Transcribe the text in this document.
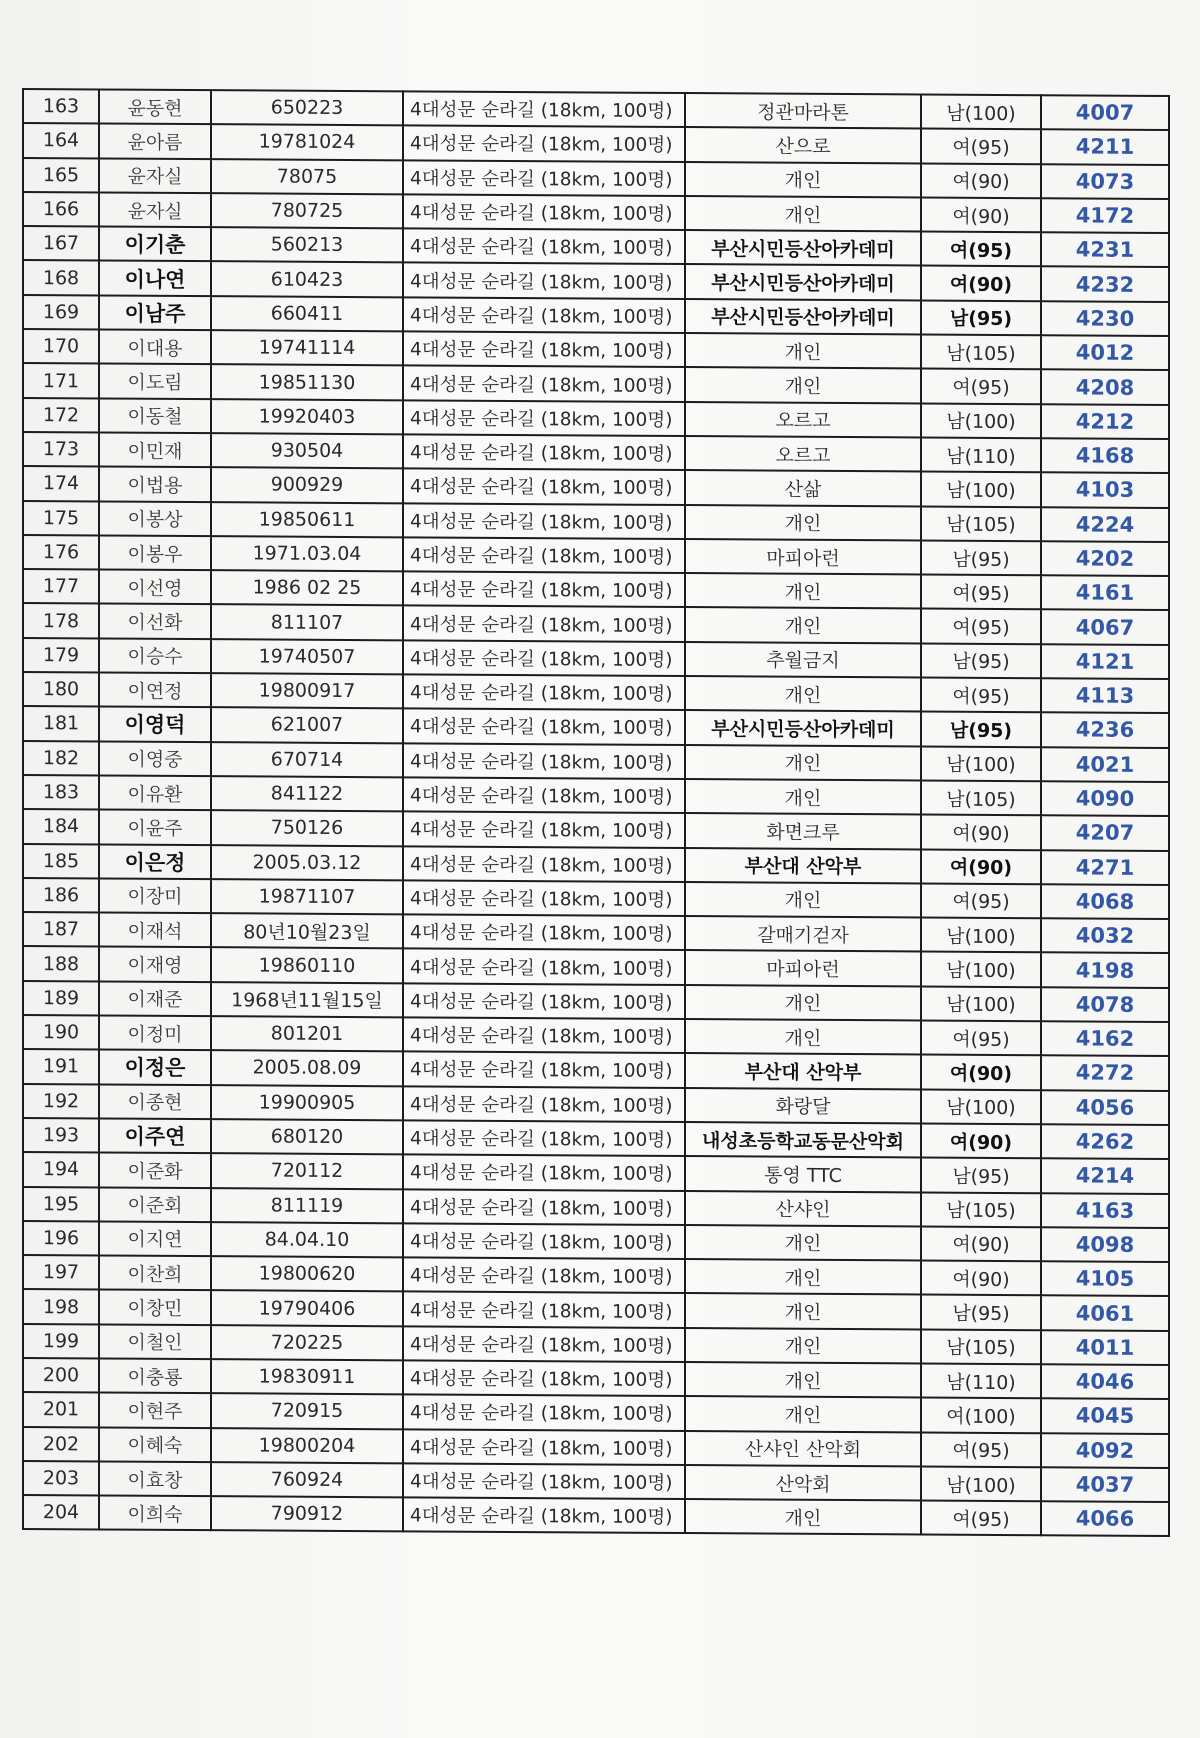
163	윤동현	650223	4대성문 순라길 (18km, 100명)	정관마라톤	남(100)	4007
164	윤아름	19781024	4대성문 순라길 (18km, 100명)	산으로	여(95)	4211
165	윤자실	78075	4대성문 순라길 (18km, 100명)	개인	여(90)	4073
166	윤자실	780725	4대성문 순라길 (18km, 100명)	개인	여(90)	4172
167	이기춘	560213	4대성문 순라길 (18km, 100명)	부산시민등산아카데미	여(95)	4231
168	이나연	610423	4대성문 순라길 (18km, 100명)	부산시민등산아카데미	여(90)	4232
169	이남주	660411	4대성문 순라길 (18km, 100명)	부산시민등산아카데미	남(95)	4230
170	이대용	19741114	4대성문 순라길 (18km, 100명)	개인	남(105)	4012
171	이도림	19851130	4대성문 순라길 (18km, 100명)	개인	여(95)	4208
172	이동철	19920403	4대성문 순라길 (18km, 100명)	오르고	남(100)	4212
173	이민재	930504	4대성문 순라길 (18km, 100명)	오르고	남(110)	4168
174	이법용	900929	4대성문 순라길 (18km, 100명)	산삶	남(100)	4103
175	이봉상	19850611	4대성문 순라길 (18km, 100명)	개인	남(105)	4224
176	이봉우	1971.03.04	4대성문 순라길 (18km, 100명)	마피아런	남(95)	4202
177	이선영	1986 02 25	4대성문 순라길 (18km, 100명)	개인	여(95)	4161
178	이선화	811107	4대성문 순라길 (18km, 100명)	개인	여(95)	4067
179	이승수	19740507	4대성문 순라길 (18km, 100명)	추월금지	남(95)	4121
180	이연정	19800917	4대성문 순라길 (18km, 100명)	개인	여(95)	4113
181	이영덕	621007	4대성문 순라길 (18km, 100명)	부산시민등산아카데미	남(95)	4236
182	이영중	670714	4대성문 순라길 (18km, 100명)	개인	남(100)	4021
183	이유환	841122	4대성문 순라길 (18km, 100명)	개인	남(105)	4090
184	이윤주	750126	4대성문 순라길 (18km, 100명)	화면크루	여(90)	4207
185	이은정	2005.03.12	4대성문 순라길 (18km, 100명)	부산대 산악부	여(90)	4271
186	이장미	19871107	4대성문 순라길 (18km, 100명)	개인	여(95)	4068
187	이재석	80년10월23일	4대성문 순라길 (18km, 100명)	갈매기걷자	남(100)	4032
188	이재영	19860110	4대성문 순라길 (18km, 100명)	마피아런	남(100)	4198
189	이재준	1968년11월15일	4대성문 순라길 (18km, 100명)	개인	남(100)	4078
190	이정미	801201	4대성문 순라길 (18km, 100명)	개인	여(95)	4162
191	이정은	2005.08.09	4대성문 순라길 (18km, 100명)	부산대 산악부	여(90)	4272
192	이종현	19900905	4대성문 순라길 (18km, 100명)	화랑달	남(100)	4056
193	이주연	680120	4대성문 순라길 (18km, 100명)	내성초등학교동문산악회	여(90)	4262
194	이준화	720112	4대성문 순라길 (18km, 100명)	통영 TTC	남(95)	4214
195	이준회	811119	4대성문 순라길 (18km, 100명)	산샤인	남(105)	4163
196	이지연	84.04.10	4대성문 순라길 (18km, 100명)	개인	여(90)	4098
197	이찬희	19800620	4대성문 순라길 (18km, 100명)	개인	여(90)	4105
198	이창민	19790406	4대성문 순라길 (18km, 100명)	개인	남(95)	4061
199	이철인	720225	4대성문 순라길 (18km, 100명)	개인	남(105)	4011
200	이충룡	19830911	4대성문 순라길 (18km, 100명)	개인	남(110)	4046
201	이현주	720915	4대성문 순라길 (18km, 100명)	개인	여(100)	4045
202	이혜숙	19800204	4대성문 순라길 (18km, 100명)	산샤인 산악회	여(95)	4092
203	이효창	760924	4대성문 순라길 (18km, 100명)	산악회	남(100)	4037
204	이희숙	790912	4대성문 순라길 (18km, 100명)	개인	여(95)	4066
